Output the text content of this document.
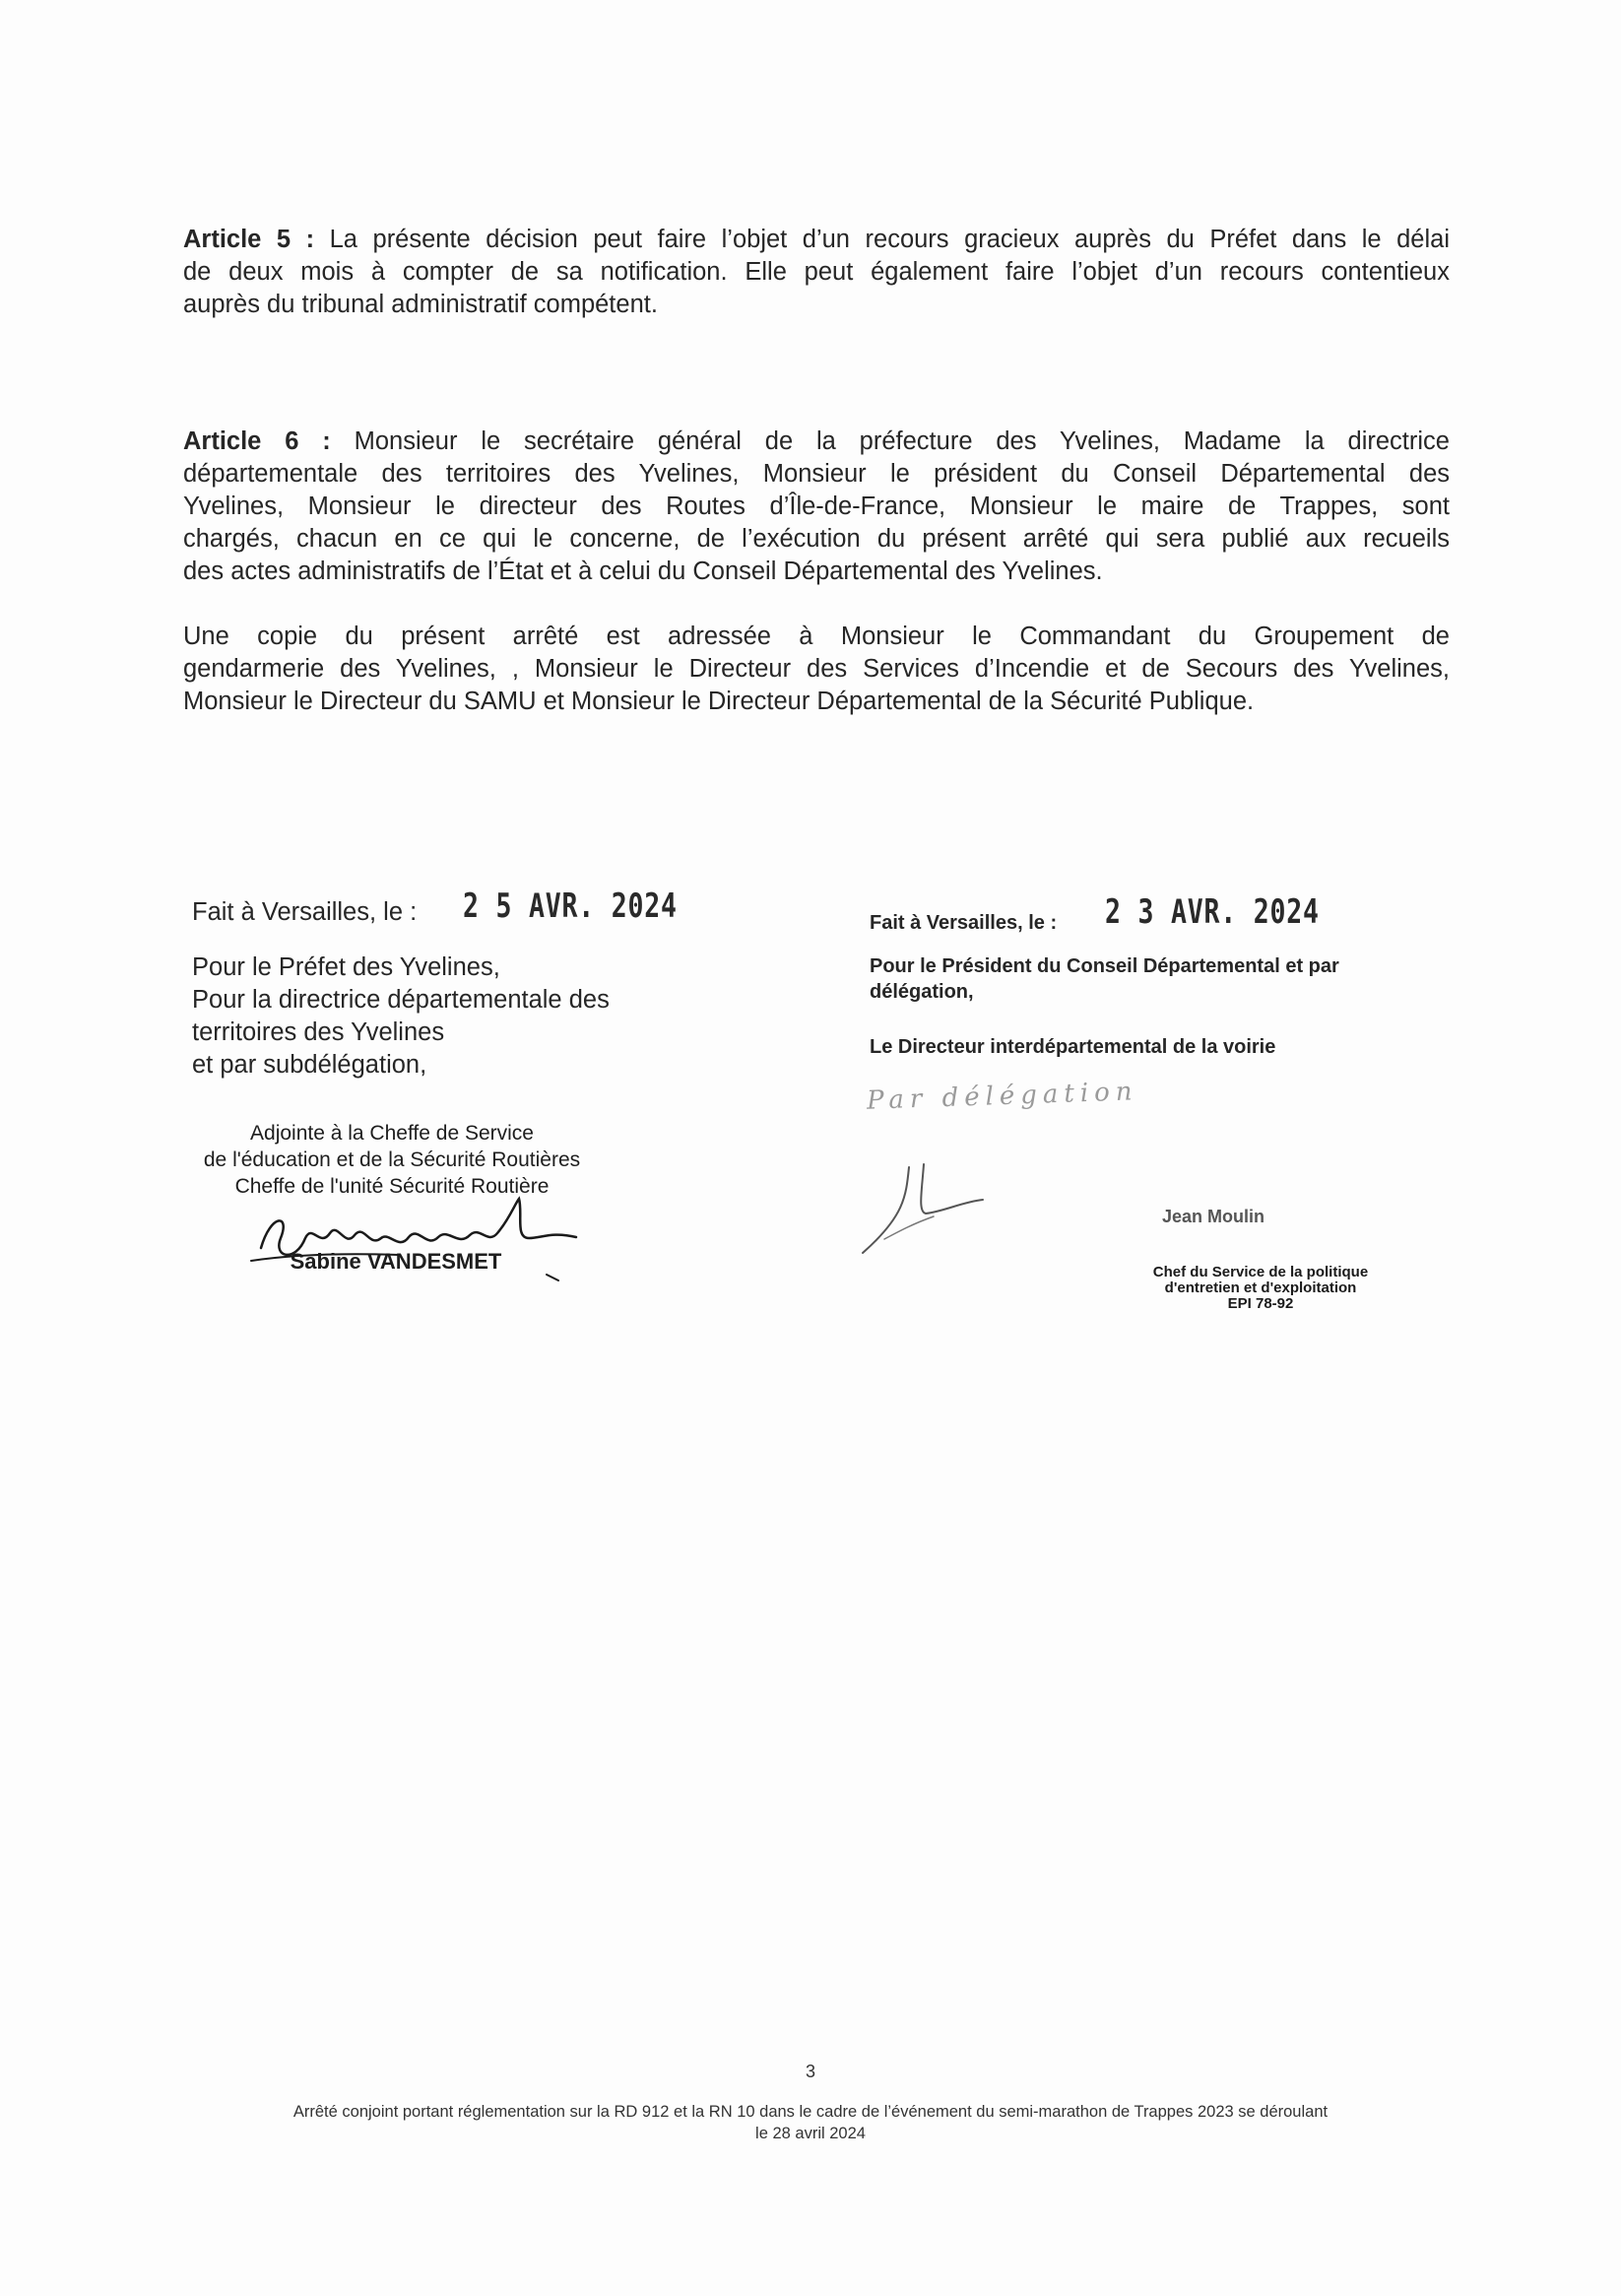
Article 5 : La présente décision peut faire l’objet d’un recours gracieux auprès du Préfet dans le délai
de deux mois à compter de sa notification. Elle peut également faire l’objet d’un recours contentieux
auprès du tribunal administratif compétent.
Article 6 : Monsieur le secrétaire général de la préfecture des Yvelines, Madame la directrice
départementale des territoires des Yvelines, Monsieur le président du Conseil Départemental des
Yvelines, Monsieur le directeur des Routes d’Île-de-France, Monsieur le maire de Trappes, sont
chargés, chacun en ce qui le concerne, de l’exécution du présent arrêté qui sera publié aux recueils
des actes administratifs de l’État et à celui du Conseil Départemental des Yvelines.
Une copie du présent arrêté est adressée à Monsieur le Commandant du Groupement de
gendarmerie des Yvelines, , Monsieur le Directeur des Services d’Incendie et de Secours des Yvelines,
Monsieur le Directeur du SAMU et Monsieur le Directeur Départemental de la Sécurité Publique.
Fait à Versailles, le : 2 5 AVR. 2024
Pour le Préfet des Yvelines,
Pour la directrice départementale des
territoires des Yvelines
et par subdélégation,
Adjointe à la Cheffe de Service
de l'éducation et de la Sécurité Routières
Cheffe de l'unité Sécurité Routière
Sabine VANDESMET
Fait à Versailles, le : 2 3 AVR. 2024
Pour le Président du Conseil Départemental et par
délégation,
Le Directeur interdépartemental de la voirie
Par délégation
Jean Moulin
Chef du Service de la politique
d'entretien et d'exploitation
EPI 78-92
3
Arrêté conjoint portant réglementation sur la RD 912 et la RN 10 dans le cadre de l’événement du semi-marathon de Trappes 2023 se déroulant
le 28 avril 2024
